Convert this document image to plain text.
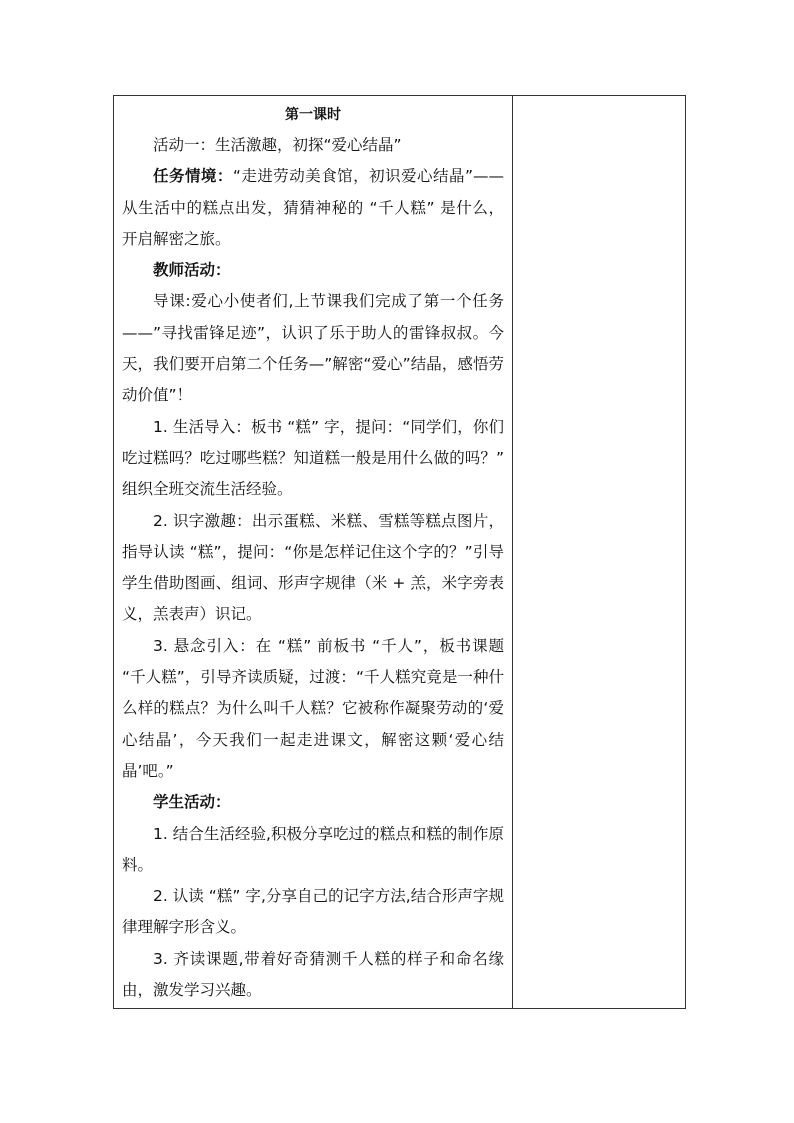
第一课时

活动一：生活激趣，初探“爱心结晶”

任务情境：“走进劳动美食馆，初识爱心结晶”—— 从生活中的糕点出发，猜猜神秘的 “千人糕” 是什么，开启解密之旅。

教师活动：

导课:爱心小使者们,上节课我们完成了第一个任务——”寻找雷锋足迹”，认识了乐于助人的雷锋叔叔。今天，我们要开启第二个任务—”解密“爱心”结晶，感悟劳动价值”！

1. 生活导入：板书 “糕” 字，提问：“同学们，你们吃过糕吗？吃过哪些糕？知道糕一般是用什么做的吗？” 组织全班交流生活经验。

2. 识字激趣：出示蛋糕、米糕、雪糕等糕点图片，指导认读 “糕”，提问：“你是怎样记住这个字的？”引导学生借助图画、组词、形声字规律（米 + 羔，米字旁表义，羔表声）识记。

3. 悬念引入：在 “糕” 前板书 “千人”，板书课题 “千人糕”，引导齐读质疑，过渡：“千人糕究竟是一种什么样的糕点？为什么叫千人糕？它被称作凝聚劳动的‘爱心结晶’，今天我们一起走进课文，解密这颗‘爱心结晶’吧。”

学生活动：

1. 结合生活经验,积极分享吃过的糕点和糕的制作原料。

2. 认读 “糕” 字,分享自己的记字方法,结合形声字规律理解字形含义。

3. 齐读课题,带着好奇猜测千人糕的样子和命名缘由，激发学习兴趣。
